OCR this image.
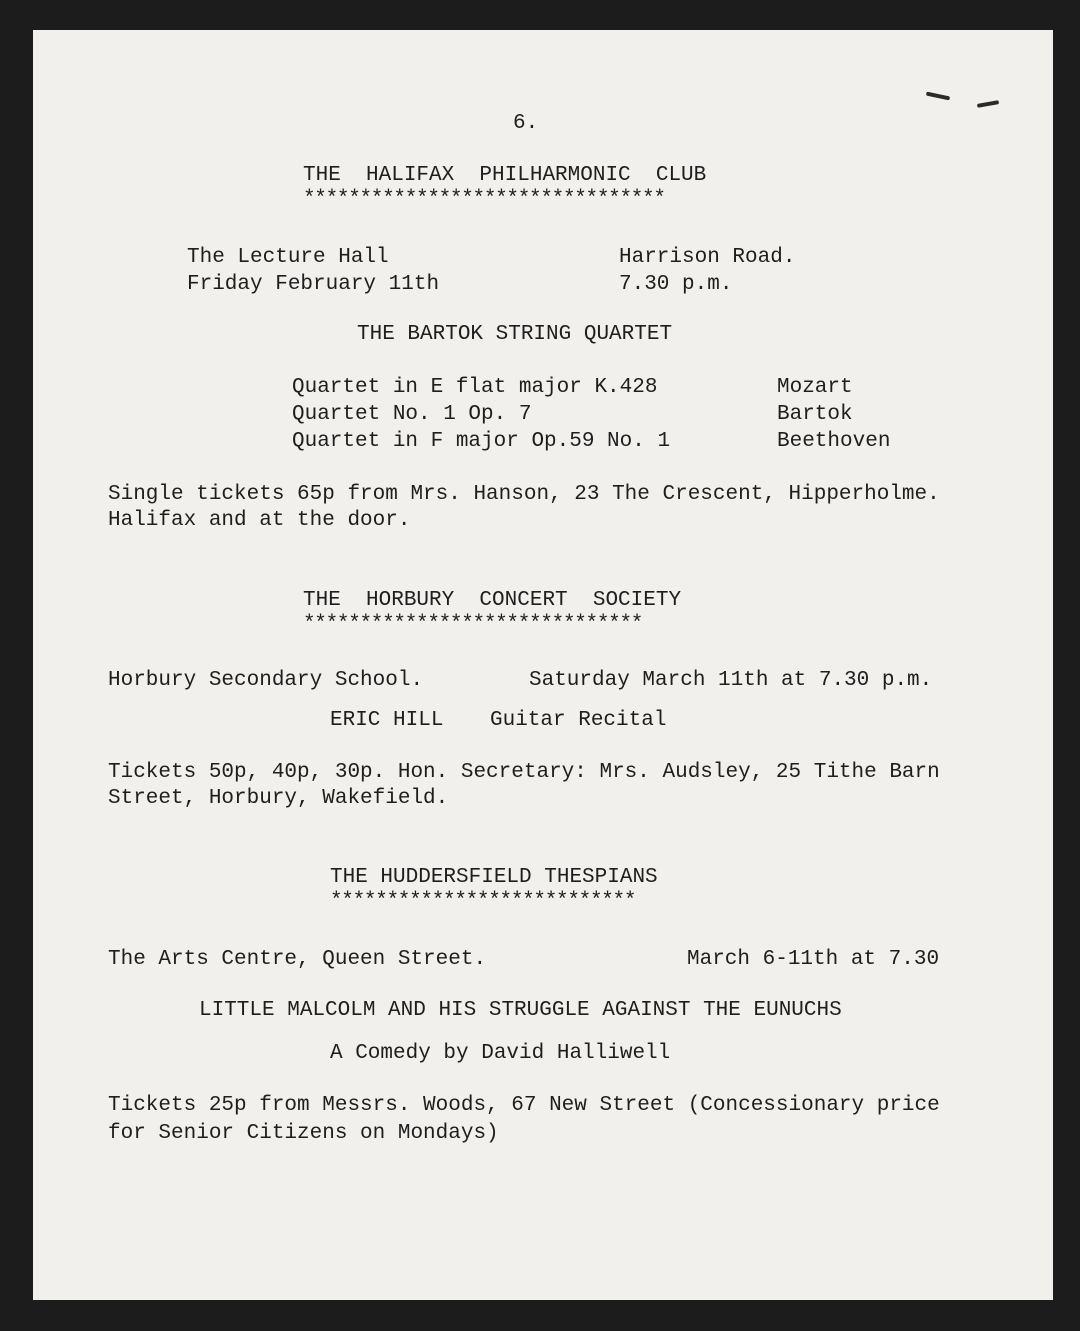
6.
THE  HALIFAX  PHILHARMONIC  CLUB
********************************
The Lecture Hall	Harrison Road.
Friday February 11th	7.30 p.m.
THE BARTOK STRING QUARTET
Quartet in E flat major K.428	Mozart
Quartet No. 1 Op. 7	Bartok
Quartet in F major Op.59 No. 1	Beethoven
Single tickets 65p from Mrs. Hanson, 23 The Crescent, Hipperholme.
Halifax and at the door.
THE  HORBURY  CONCERT  SOCIETY
******************************
Horbury Secondary School.	Saturday March 11th at 7.30 p.m.
ERIC HILL Guitar Recital
Tickets 50p, 40p, 30p. Hon. Secretary: Mrs. Audsley, 25 Tithe Barn
Street, Horbury, Wakefield.
THE HUDDERSFIELD THESPIANS
***************************
The Arts Centre, Queen Street.	March 6-11th at 7.30
LITTLE MALCOLM AND HIS STRUGGLE AGAINST THE EUNUCHS
A Comedy by David Halliwell
Tickets 25p from Messrs. Woods, 67 New Street (Concessionary price
for Senior Citizens on Mondays)
